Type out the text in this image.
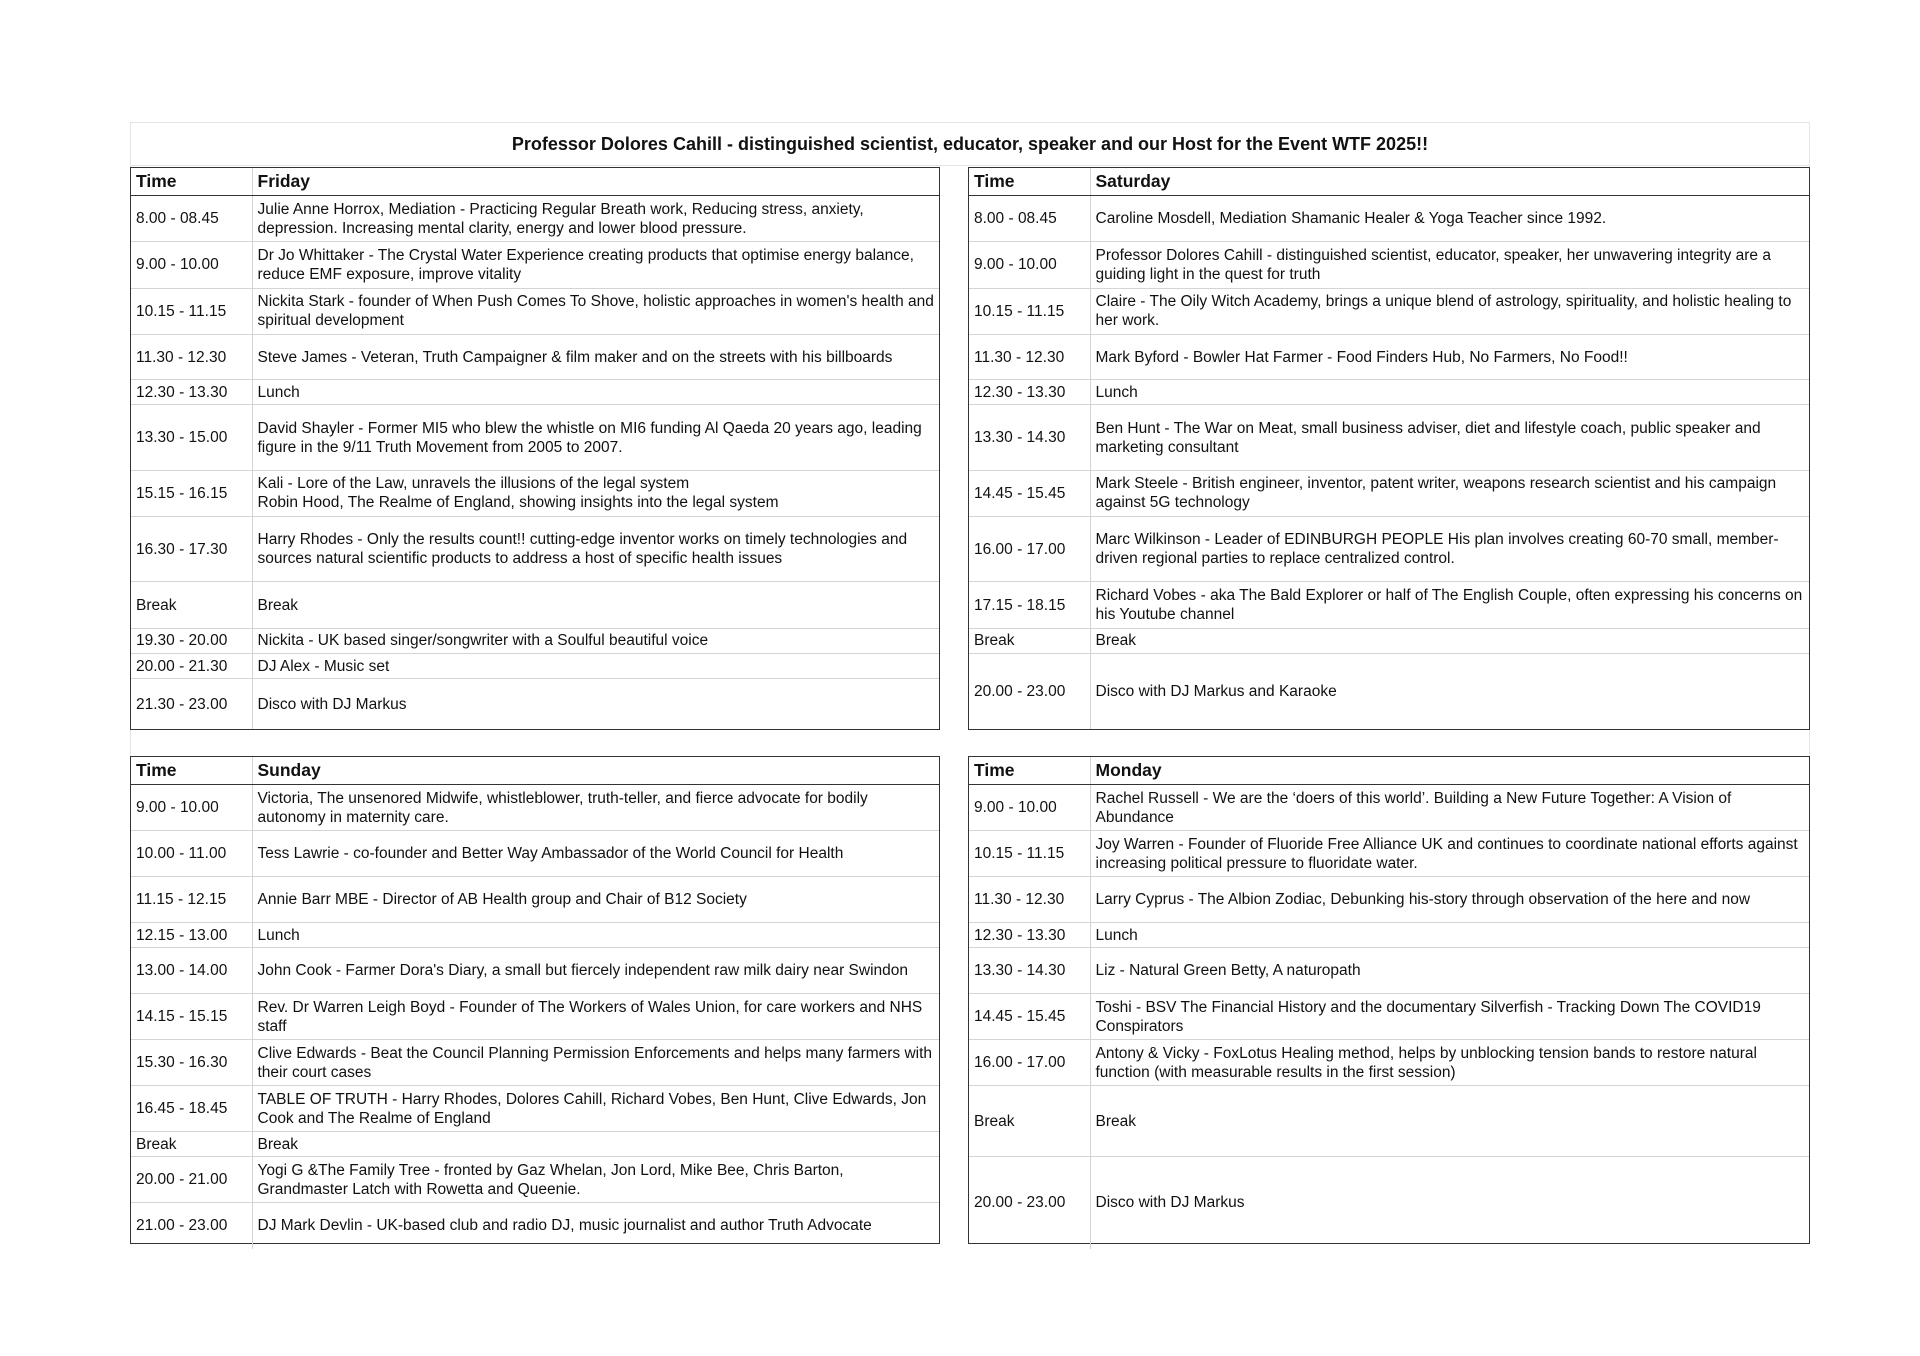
Professor Dolores Cahill - distinguished scientist, educator, speaker and our Host for the Event WTF 2025!!
Time	Friday
8.00 - 08.45	Julie Anne Horrox, Mediation - Practicing Regular Breath work, Reducing stress, anxiety, depression. Increasing mental clarity, energy and lower blood pressure.
9.00 - 10.00	Dr Jo Whittaker - The Crystal Water Experience creating products that optimise energy balance, reduce EMF exposure, improve vitality
10.15 - 11.15	Nickita Stark - founder of When Push Comes To Shove, holistic approaches in women's health and spiritual development
11.30 - 12.30	Steve James - Veteran, Truth Campaigner & film maker and on the streets with his billboards
12.30 - 13.30	Lunch
13.30 - 15.00	David Shayler - Former MI5 who blew the whistle on MI6 funding Al Qaeda 20 years ago, leading figure in the 9/11 Truth Movement from 2005 to 2007.
15.15 - 16.15	Kali - Lore of the Law, unravels the illusions of the legal system
Robin Hood, The Realme of England, showing insights into the legal system
16.30 - 17.30	Harry Rhodes - Only the results count!! cutting-edge inventor works on timely technologies and sources natural scientific products to address a host of specific health issues
Break	Break
19.30 - 20.00	Nickita - UK based singer/songwriter with a Soulful beautiful voice
20.00 - 21.30	DJ Alex - Music set
21.30 - 23.00	Disco with DJ Markus
Time	Saturday
8.00 - 08.45	Caroline Mosdell, Mediation Shamanic Healer & Yoga Teacher since 1992.
9.00 - 10.00	Professor Dolores Cahill - distinguished scientist, educator, speaker, her unwavering integrity are a guiding light in the quest for truth
10.15 - 11.15	Claire - The Oily Witch Academy, brings a unique blend of astrology, spirituality, and holistic healing to her work.
11.30 - 12.30	Mark Byford - Bowler Hat Farmer - Food Finders Hub, No Farmers, No Food!!
12.30 - 13.30	Lunch
13.30 - 14.30	Ben Hunt - The War on Meat, small business adviser, diet and lifestyle coach, public speaker and
marketing consultant
14.45 - 15.45	Mark Steele - British engineer, inventor, patent writer, weapons research scientist and his campaign against 5G technology
16.00 - 17.00	Marc Wilkinson - Leader of EDINBURGH PEOPLE His plan involves creating 60-70 small, member-driven regional parties to replace centralized control.
17.15 - 18.15	Richard Vobes - aka The Bald Explorer or half of The English Couple, often expressing his concerns on his Youtube channel
Break	Break
20.00 - 23.00	Disco with DJ Markus and Karaoke
Time	Sunday
9.00 - 10.00	Victoria, The unsenored Midwife, whistleblower, truth-teller, and fierce advocate for bodily autonomy in maternity care.
10.00 - 11.00	Tess Lawrie - co-founder and Better Way Ambassador of the World Council for Health
11.15 - 12.15	Annie Barr MBE - Director of AB Health group and Chair of B12 Society
12.15 - 13.00	Lunch
13.00 - 14.00	John Cook - Farmer Dora's Diary, a small but fiercely independent raw milk dairy near Swindon
14.15 - 15.15	Rev. Dr Warren Leigh Boyd - Founder of The Workers of Wales Union, for care workers and NHS staff
15.30 - 16.30	Clive Edwards - Beat the Council Planning Permission Enforcements and helps many farmers with their court cases
16.45 - 18.45	TABLE OF TRUTH - Harry Rhodes, Dolores Cahill, Richard Vobes, Ben Hunt, Clive Edwards, Jon Cook and The Realme of England
Break	Break
20.00 - 21.00	Yogi G &The Family Tree - fronted by Gaz Whelan, Jon Lord, Mike Bee, Chris Barton, Grandmaster Latch with Rowetta and Queenie.
21.00 - 23.00	DJ Mark Devlin - UK-based club and radio DJ, music journalist and author Truth Advocate
Time	Monday
9.00 - 10.00	Rachel Russell - We are the ‘doers of this world’. Building a New Future Together: A Vision of Abundance
10.15 - 11.15	Joy Warren - Founder of Fluoride Free Alliance UK and continues to coordinate national efforts against increasing political pressure to fluoridate water.
11.30 - 12.30	Larry Cyprus - The Albion Zodiac, Debunking his-story through observation of the here and now
12.30 - 13.30	Lunch
13.30 - 14.30	Liz - Natural Green Betty, A naturopath
14.45 - 15.45	Toshi - BSV The Financial History and the documentary Silverfish - Tracking Down The COVID19 Conspirators
16.00 - 17.00	Antony & Vicky - FoxLotus Healing method, helps by unblocking tension bands to restore natural function (with measurable results in the first session)
Break	Break
20.00 - 23.00	Disco with DJ Markus
